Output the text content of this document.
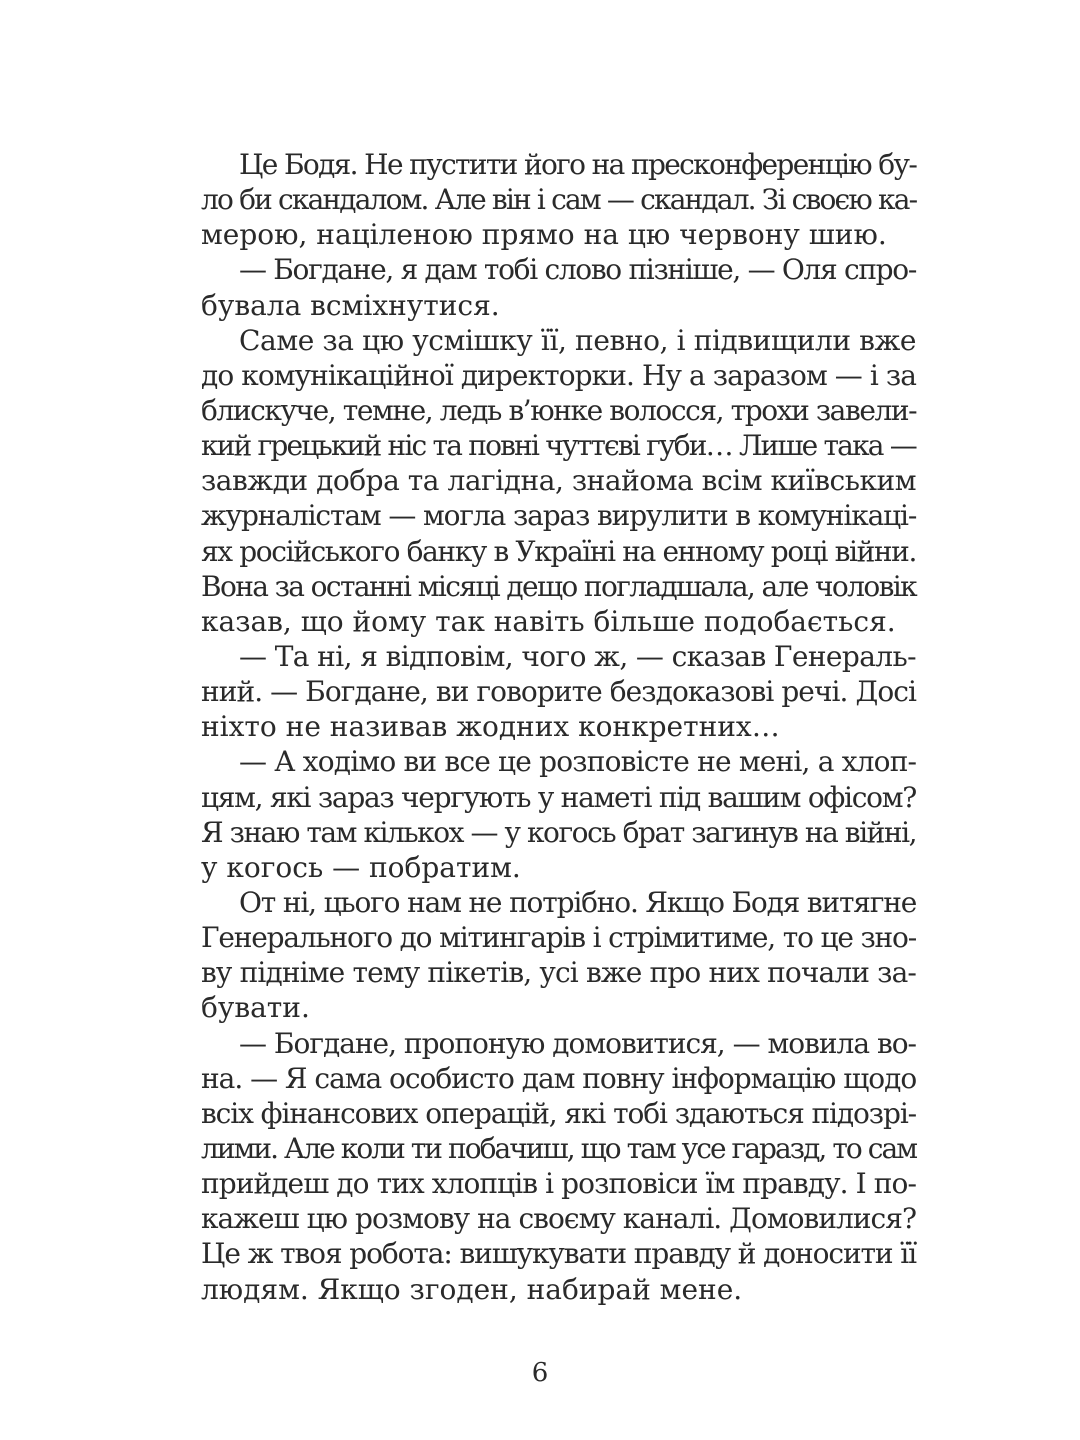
Це Бодя. Не пустити його на пресконференцію бу-
ло би скандалом. Але він і сам — скандал. Зі своєю ка-
мерою, націленою прямо на цю червону шию.
— Богдане, я дам тобі слово пізніше, — Оля спро-
бувала всміхнутися.
Саме за цю усмішку її, певно, і підвищили вже
до комунікаційної директорки. Ну а заразом — і за
блискуче, темне, ледь в’юнке волосся, трохи завели-
кий грецький ніс та повні чуттєві губи… Лише така —
завжди добра та лагідна, знайома всім київським
журналістам — могла зараз вирулити в комунікаці-
ях російського банку в Україні на енному році війни.
Вона за останні місяці дещо погладшала, але чоловік
казав, що йому так навіть більше подобається.
— Та ні, я відповім, чого ж, — сказав Генераль-
ний. — Богдане, ви говорите бездоказові речі. Досі
ніхто не називав жодних конкретних…
— А ходімо ви все це розповісте не мені, а хлоп-
цям, які зараз чергують у наметі під вашим офісом?
Я знаю там кількох — у когось брат загинув на війні,
у когось — побратим.
От ні, цього нам не потрібно. Якщо Бодя витягне
Генерального до мітингарів і стрімитиме, то це зно-
ву підніме тему пікетів, усі вже про них почали за-
бувати.
— Богдане, пропоную домовитися, — мовила во-
на. — Я сама особисто дам повну інформацію щодо
всіх фінансових операцій, які тобі здаються підозрі-
лими. Але коли ти побачиш, що там усе гаразд, то сам
прийдеш до тих хлопців і розповіси їм правду. І по-
кажеш цю розмову на своєму каналі. Домовилися?
Це ж твоя робота: вишукувати правду й доносити її
людям. Якщо згоден, набирай мене.
6
